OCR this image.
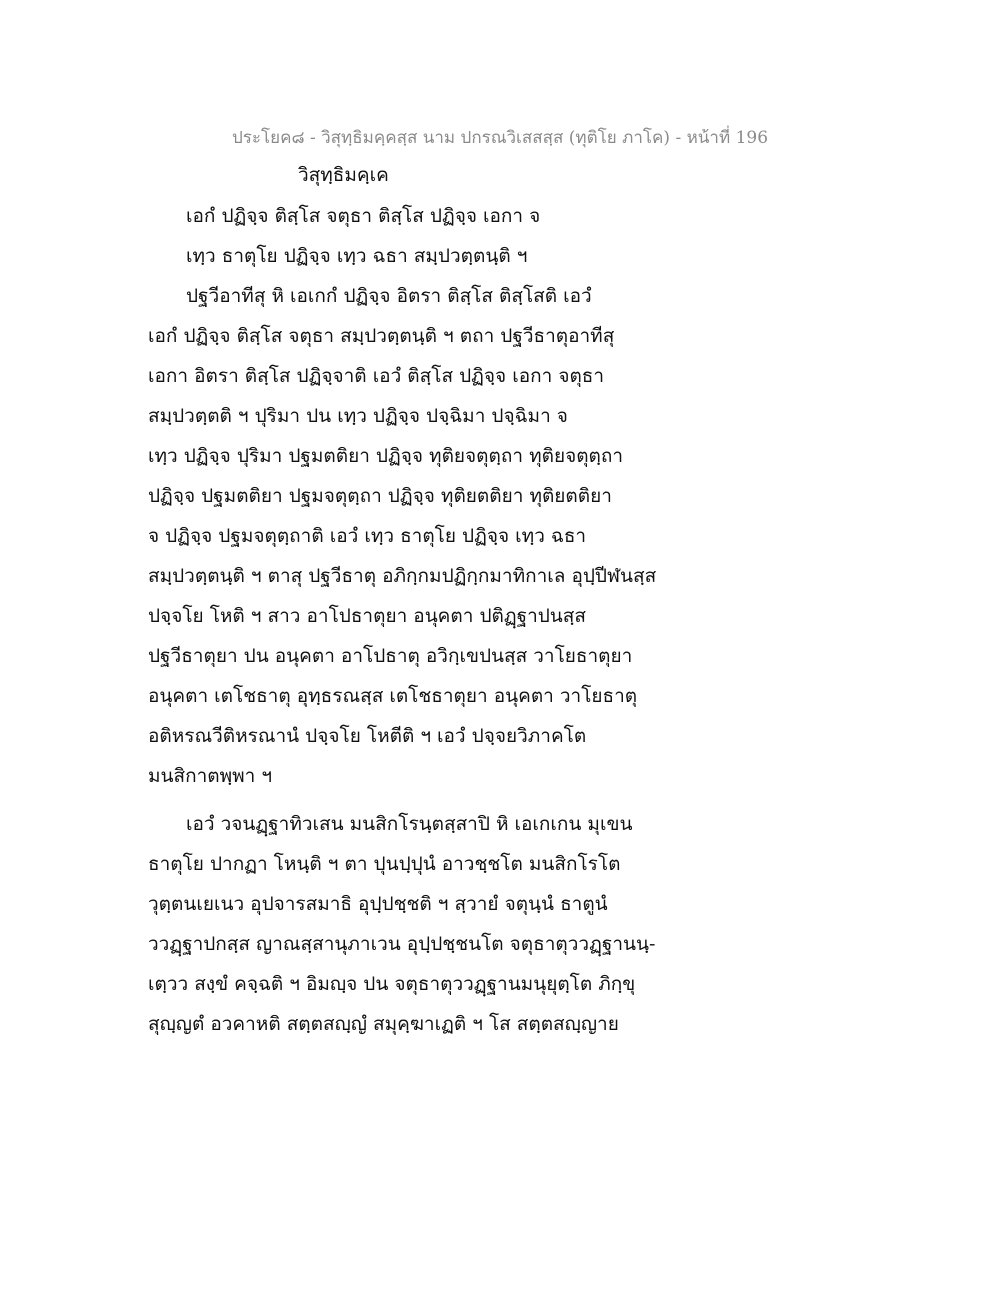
ประโยค๘ - วิสุทฺธิมคฺคสฺส นาม ปกรณวิเสสสฺส (ทุติโย ภาโค) - หน้าที่ 196
วิสุทฺธิมคฺเค
เอกํ ปฏิจฺจ ติสฺโส จตุธา ติสฺโส ปฏิจฺจ เอกา จ
เทฺว ธาตุโย ปฏิจฺจ เทฺว ฉธา สมฺปวตฺตนฺติ ฯ
ปฐวีอาทีสุ หิ เอเกกํ ปฏิจฺจ อิตรา ติสฺโส ติสฺโสติ เอวํ
เอกํ ปฏิจฺจ ติสฺโส จตุธา สมฺปวตฺตนฺติ ฯ ตถา ปฐวีธาตุอาทีสุ
เอกา อิตรา ติสฺโส ปฏิจฺจาติ เอวํ ติสฺโส ปฏิจฺจ เอกา จตุธา
สมฺปวตฺตติ ฯ ปุริมา ปน เทฺว ปฏิจฺจ ปจฺฉิมา ปจฺฉิมา จ
เทฺว ปฏิจฺจ ปุริมา ปฐมตติยา ปฏิจฺจ ทุติยจตุตฺถา ทุติยจตุตฺถา
ปฏิจฺจ ปฐมตติยา ปฐมจตุตฺถา ปฏิจฺจ ทุติยตติยา ทุติยตติยา
จ ปฏิจฺจ ปฐมจตุตฺถาติ เอวํ เทฺว ธาตุโย ปฏิจฺจ เทฺว ฉธา
สมฺปวตฺตนฺติ ฯ ตาสุ ปฐวีธาตุ อภิกฺกมปฏิกฺกมาทิกาเล อุปฺปีฬนสฺส
ปจฺจโย โหติ ฯ สาว อาโปธาตุยา อนุคตา ปติฏฺฐาปนสฺส
ปฐวีธาตุยา ปน อนุคตา อาโปธาตุ อวิกฺเขปนสฺส วาโยธาตุยา
อนุคตา เตโชธาตุ อุทฺธรณสฺส เตโชธาตุยา อนุคตา วาโยธาตุ
อติหรณวีติหรณานํ ปจฺจโย โหตีติ ฯ เอวํ ปจฺจยวิภาคโต
มนสิกาตพฺพา ฯ
เอวํ วจนฏฺฐาทิวเสน มนสิกโรนฺตสฺสาปิ หิ เอเกเกน มุเขน
ธาตุโย ปากฏา โหนฺติ ฯ ตา ปุนปฺปุนํ อาวชฺชโต มนสิกโรโต
วุตฺตนเยเนว อุปจารสมาธิ อุปฺปชฺชติ ฯ สฺวายํ จตุนฺนํ ธาตูนํ
ววฏฺฐาปกสฺส ญาณสฺสานุภาเวน อุปฺปชฺชนโต จตุธาตุววฏฺฐานนฺ-
เตฺวว สงฺขํ คจฺฉติ ฯ อิมญฺจ ปน จตุธาตุววฏฺฐานมนุยุตฺโต ภิกฺขุ
สุญฺญตํ อวคาหติ สตฺตสญฺญํ สมุคฺฆาเฏติ ฯ โส สตฺตสญฺญาย
